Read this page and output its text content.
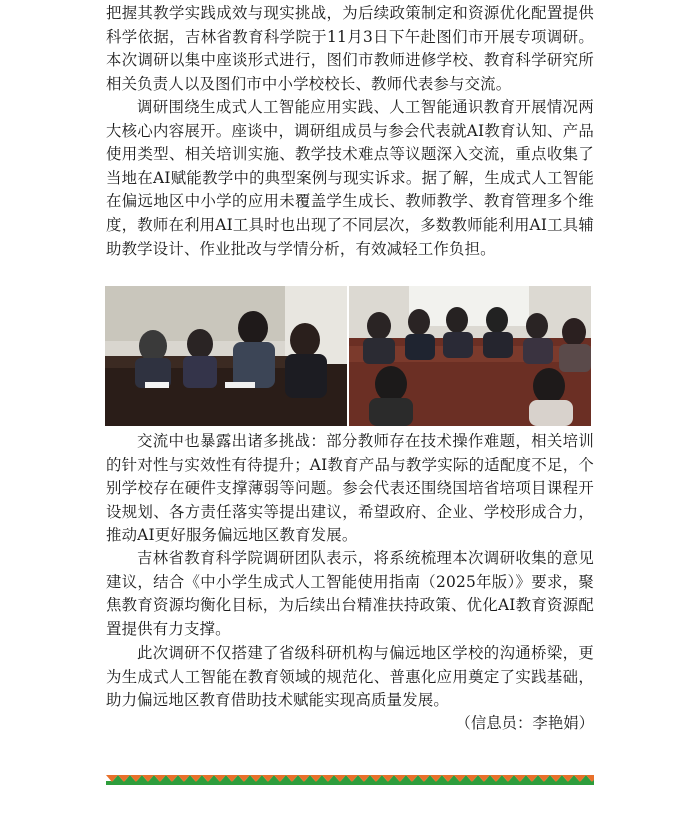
把握其教学实践成效与现实挑战，为后续政策制定和资源优化配置提供科学依据，吉林省教育科学院于11月3日下午赴图们市开展专项调研。本次调研以集中座谈形式进行，图们市教师进修学校、教育科学研究所相关负责人以及图们市中小学校校长、教师代表参与交流。

调研围绕生成式人工智能应用实践、人工智能通识教育开展情况两大核心内容展开。座谈中，调研组成员与参会代表就AI教育认知、产品使用类型、相关培训实施、教学技术难点等议题深入交流，重点收集了当地在AI赋能教学中的典型案例与现实诉求。据了解，生成式人工智能在偏远地区中小学的应用未覆盖学生成长、教师教学、教育管理多个维度，教师在利用AI工具时也出现了不同层次，多数教师能利用AI工具辅助教学设计、作业批改与学情分析，有效减轻工作负担。

交流中也暴露出诸多挑战：部分教师存在技术操作难题，相关培训的针对性与实效性有待提升；AI教育产品与教学实际的适配度不足，个别学校存在硬件支撑薄弱等问题。参会代表还围绕国培省培项目课程开设规划、各方责任落实等提出建议，希望政府、企业、学校形成合力，推动AI更好服务偏远地区教育发展。

吉林省教育科学院调研团队表示，将系统梳理本次调研收集的意见建议，结合《中小学生成式人工智能使用指南（2025年版）》要求，聚焦教育资源均衡化目标，为后续出台精准扶持政策、优化AI教育资源配置提供有力支撑。

此次调研不仅搭建了省级科研机构与偏远地区学校的沟通桥梁，更为生成式人工智能在教育领域的规范化、普惠化应用奠定了实践基础，助力偏远地区教育借助技术赋能实现高质量发展。

（信息员：李艳娟）
